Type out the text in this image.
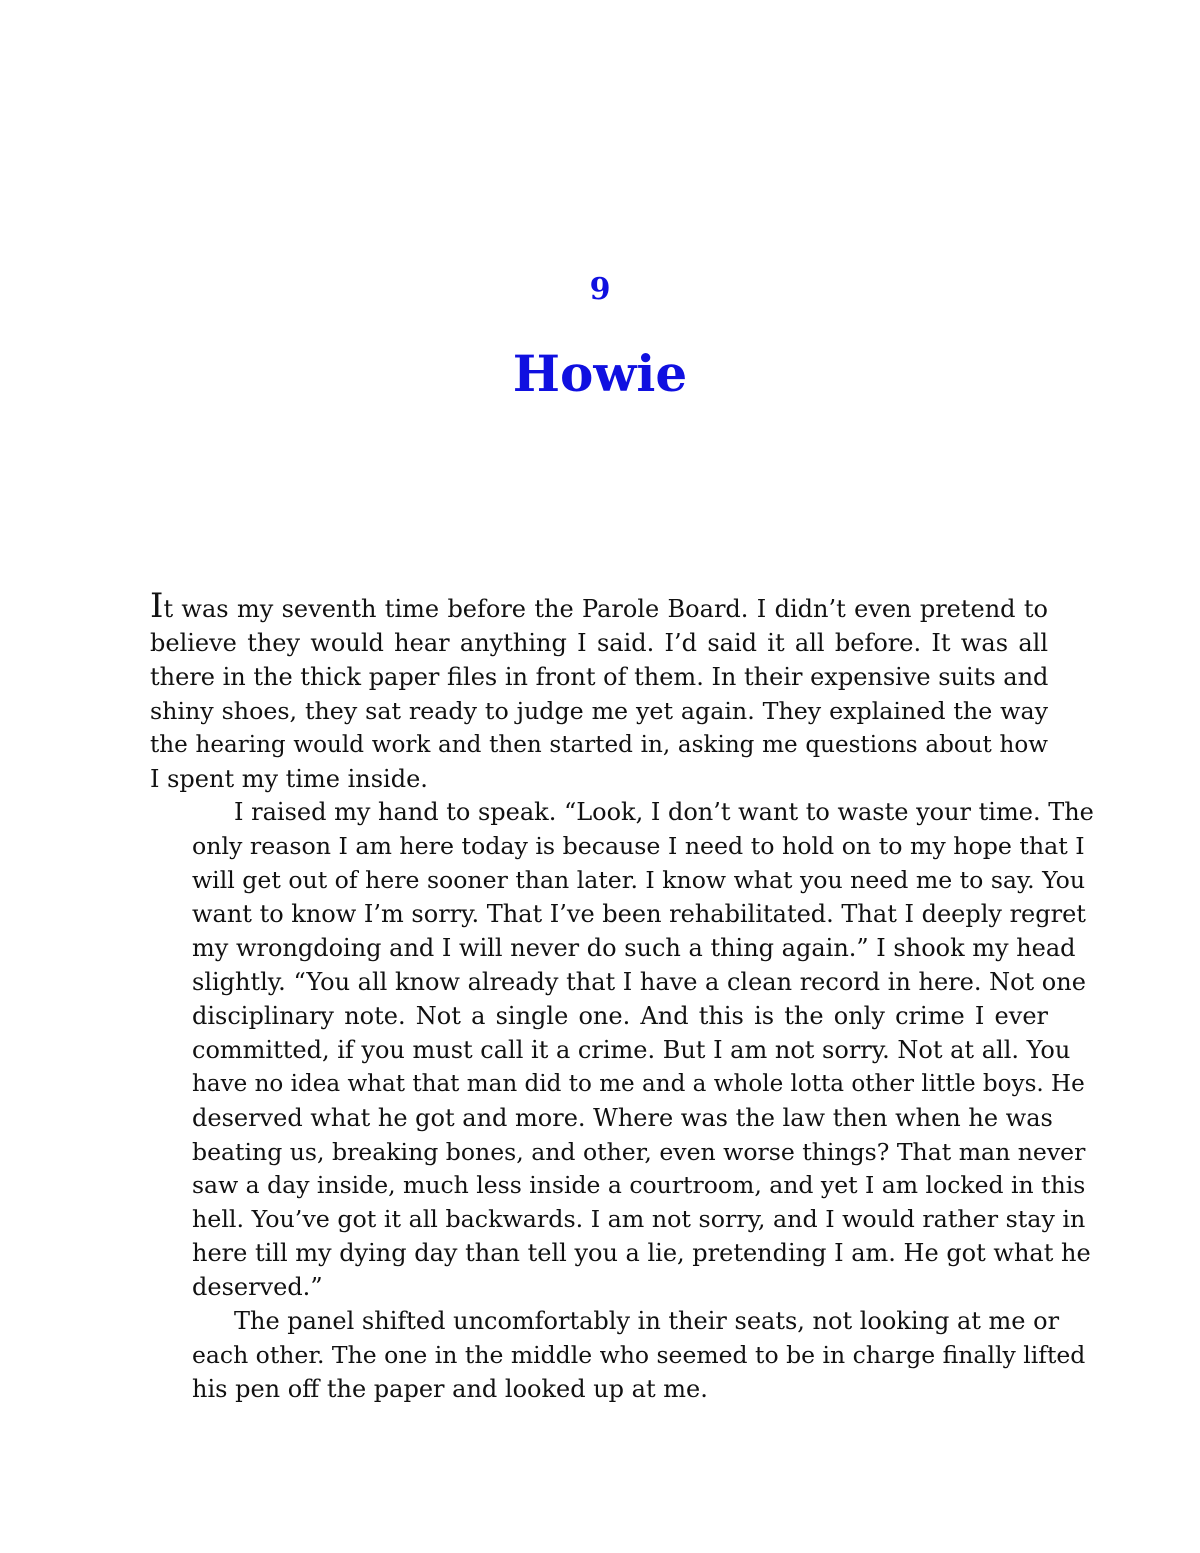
9
Howie
It was my seventh time before the Parole Board. I didn’t even pretend to
believe they would hear anything I said. I’d said it all before. It was all
there in the thick paper files in front of them. In their expensive suits and
shiny shoes, they sat ready to judge me yet again. They explained the way
the hearing would work and then started in, asking me questions about how
I spent my time inside.
I raised my hand to speak. “Look, I don’t want to waste your time. The
only reason I am here today is because I need to hold on to my hope that I
will get out of here sooner than later. I know what you need me to say. You
want to know I’m sorry. That I’ve been rehabilitated. That I deeply regret
my wrongdoing and I will never do such a thing again.” I shook my head
slightly. “You all know already that I have a clean record in here. Not one
disciplinary note. Not a single one. And this is the only crime I ever
committed, if you must call it a crime. But I am not sorry. Not at all. You
have no idea what that man did to me and a whole lotta other little boys. He
deserved what he got and more. Where was the law then when he was
beating us, breaking bones, and other, even worse things? That man never
saw a day inside, much less inside a courtroom, and yet I am locked in this
hell. You’ve got it all backwards. I am not sorry, and I would rather stay in
here till my dying day than tell you a lie, pretending I am. He got what he
deserved.”
The panel shifted uncomfortably in their seats, not looking at me or
each other. The one in the middle who seemed to be in charge finally lifted
his pen off the paper and looked up at me.
